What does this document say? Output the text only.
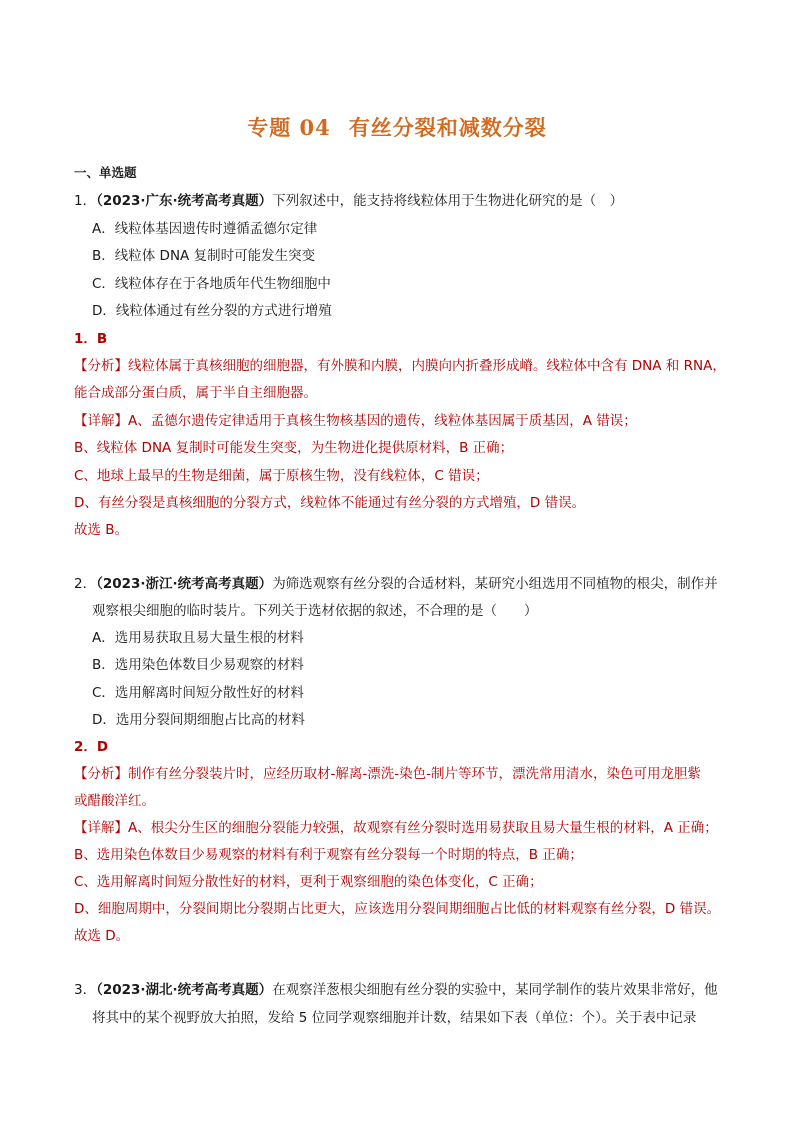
专题 04 有丝分裂和减数分裂
一、单选题
1．（2023·广东·统考高考真题）下列叙述中，能支持将线粒体用于生物进化研究的是（　）
A．线粒体基因遗传时遵循孟德尔定律
B．线粒体 DNA 复制时可能发生突变
C．线粒体存在于各地质年代生物细胞中
D．线粒体通过有丝分裂的方式进行增殖
1．B
【分析】线粒体属于真核细胞的细胞器，有外膜和内膜，内膜向内折叠形成嵴。线粒体中含有 DNA 和 RNA，
能合成部分蛋白质，属于半自主细胞器。
【详解】A、孟德尔遗传定律适用于真核生物核基因的遗传，线粒体基因属于质基因，A 错误；
B、线粒体 DNA 复制时可能发生突变，为生物进化提供原材料，B 正确；
C、地球上最早的生物是细菌，属于原核生物，没有线粒体，C 错误；
D、有丝分裂是真核细胞的分裂方式，线粒体不能通过有丝分裂的方式增殖，D 错误。
故选 B。
2．（2023·浙江·统考高考真题）为筛选观察有丝分裂的合适材料，某研究小组选用不同植物的根尖，制作并
观察根尖细胞的临时装片。下列关于选材依据的叙述，不合理的是（　　）
A．选用易获取且易大量生根的材料
B．选用染色体数目少易观察的材料
C．选用解离时间短分散性好的材料
D．选用分裂间期细胞占比高的材料
2．D
【分析】制作有丝分裂装片时，应经历取材-解离-漂洗-染色-制片等环节，漂洗常用清水，染色可用龙胆紫
或醋酸洋红。
【详解】A、根尖分生区的细胞分裂能力较强，故观察有丝分裂时选用易获取且易大量生根的材料，A 正确；
B、选用染色体数目少易观察的材料有利于观察有丝分裂每一个时期的特点，B 正确；
C、选用解离时间短分散性好的材料，更利于观察细胞的染色体变化，C 正确；
D、细胞周期中，分裂间期比分裂期占比更大，应该选用分裂间期细胞占比低的材料观察有丝分裂，D 错误。
故选 D。
3．（2023·湖北·统考高考真题）在观察洋葱根尖细胞有丝分裂的实验中，某同学制作的装片效果非常好，他
将其中的某个视野放大拍照，发给 5 位同学观察细胞并计数，结果如下表（单位：个）。关于表中记录
